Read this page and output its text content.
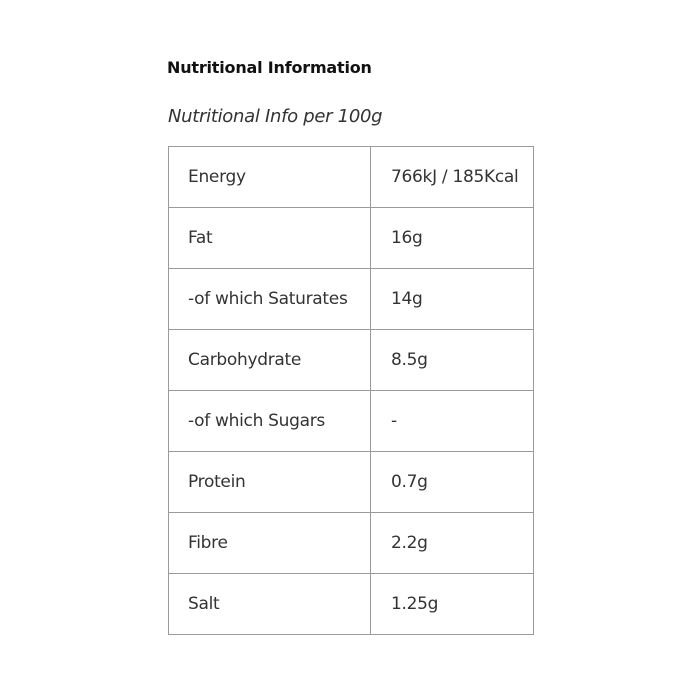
Nutritional Information
Nutritional Info per 100g
Energy	766kJ / 185Kcal
Fat	16g
-of which Saturates	14g
Carbohydrate	8.5g
-of which Sugars	-
Protein	0.7g
Fibre	2.2g
Salt	1.25g
